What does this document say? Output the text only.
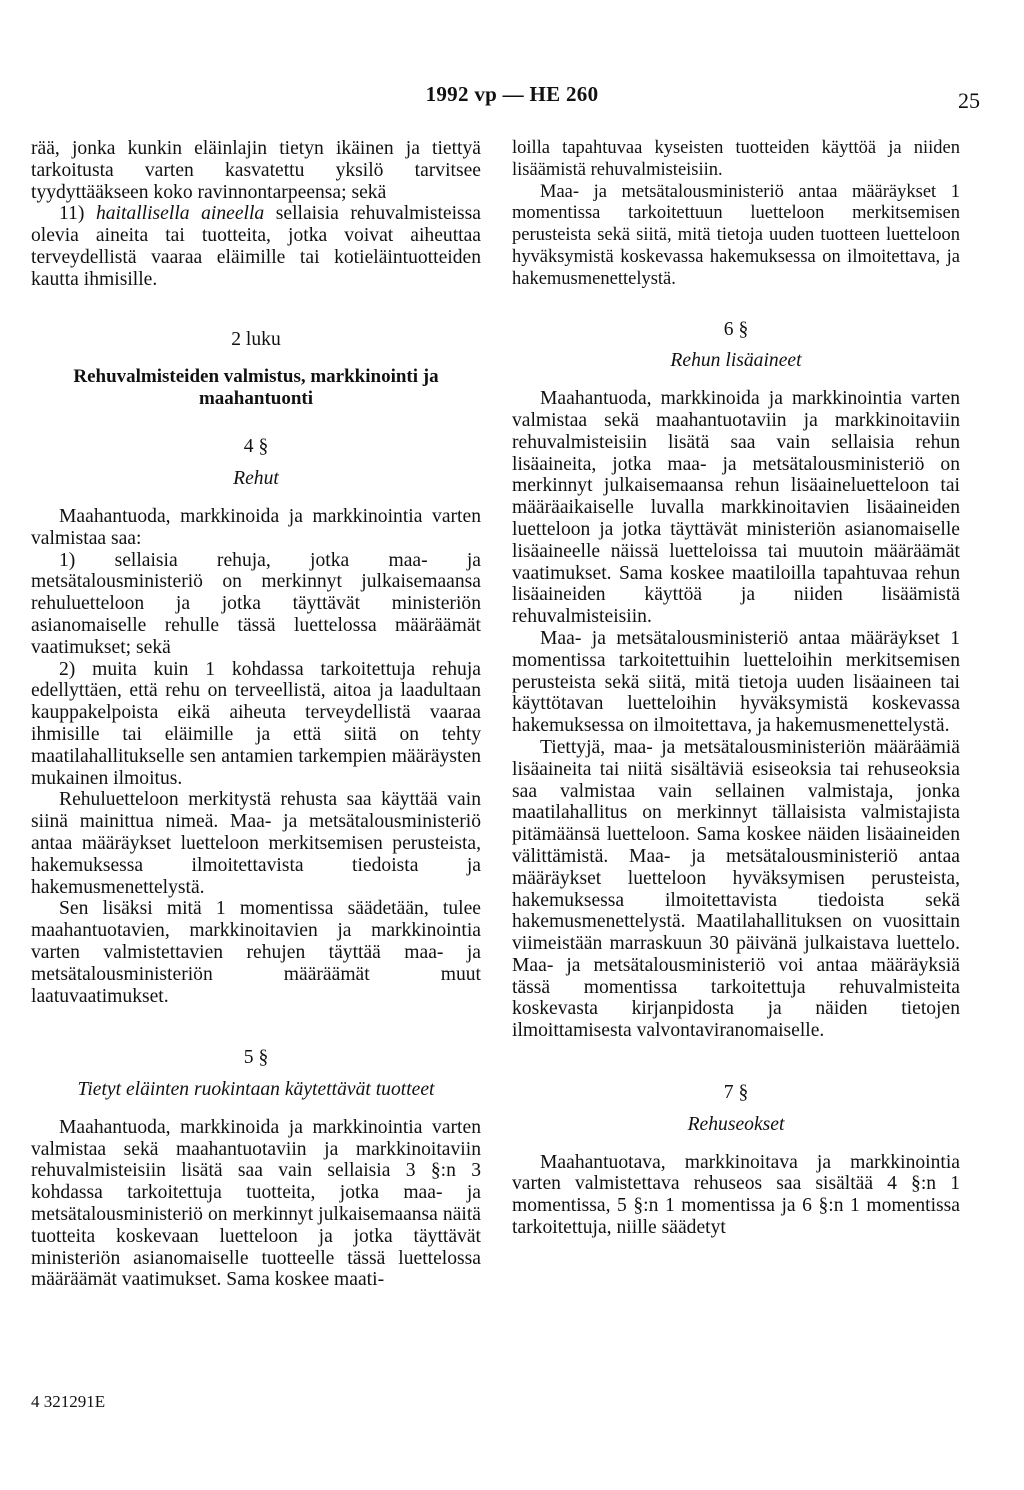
1992 vp — HE 260	25

rää, jonka kunkin eläinlajin tietyn ikäinen ja tiettyä tarkoitusta varten kasvatettu yksilö tarvitsee tyydyttääkseen koko ravinnontarpeensa; sekä

11) haitallisella aineella sellaisia rehuvalmisteissa olevia aineita tai tuotteita, jotka voivat aiheuttaa terveydellistä vaaraa eläimille tai kotieläintuotteiden kautta ihmisille.

2 luku

Rehuvalmisteiden valmistus, markkinointi ja maahantuonti

4 §

Rehut

Maahantuoda, markkinoida ja markkinointia varten valmistaa saa:

1) sellaisia rehuja, jotka maa- ja metsätalousministeriö on merkinnyt julkaisemaansa rehuluetteloon ja jotka täyttävät ministeriön asianomaiselle rehulle tässä luettelossa määräämät vaatimukset; sekä

2) muita kuin 1 kohdassa tarkoitettuja rehuja edellyttäen, että rehu on terveellistä, aitoa ja laadultaan kauppakelpoista eikä aiheuta terveydellistä vaaraa ihmisille tai eläimille ja että siitä on tehty maatilahallitukselle sen antamien tarkempien määräysten mukainen ilmoitus.

Rehuluetteloon merkitystä rehusta saa käyttää vain siinä mainittua nimeä. Maa- ja metsätalousministeriö antaa määräykset luetteloon merkitsemisen perusteista, hakemuksessa ilmoitettavista tiedoista ja hakemusmenettelystä.

Sen lisäksi mitä 1 momentissa säädetään, tulee maahantuotavien, markkinoitavien ja markkinointia varten valmistettavien rehujen täyttää maa- ja metsätalousministeriön määräämät muut laatuvaatimukset.

5 §

Tietyt eläinten ruokintaan käytettävät tuotteet

Maahantuoda, markkinoida ja markkinointia varten valmistaa sekä maahantuotaviin ja markkinoitaviin rehuvalmisteisiin lisätä saa vain sellaisia 3 §:n 3 kohdassa tarkoitettuja tuotteita, jotka maa- ja metsätalousministeriö on merkinnyt julkaisemaansa näitä tuotteita koskevaan luetteloon ja jotka täyttävät ministeriön asianomaiselle tuotteelle tässä luettelossa määräämät vaatimukset. Sama koskee maati-

loilla tapahtuvaa kyseisten tuotteiden käyttöä ja niiden lisäämistä rehuvalmisteisiin.

Maa- ja metsätalousministeriö antaa määräykset 1 momentissa tarkoitettuun luetteloon merkitsemisen perusteista sekä siitä, mitä tietoja uuden tuotteen luetteloon hyväksymistä koskevassa hakemuksessa on ilmoitettava, ja hakemusmenettelystä.

6 §

Rehun lisäaineet

Maahantuoda, markkinoida ja markkinointia varten valmistaa sekä maahantuotaviin ja markkinoitaviin rehuvalmisteisiin lisätä saa vain sellaisia rehun lisäaineita, jotka maa- ja metsätalousministeriö on merkinnyt julkaisemaansa rehun lisäaineluetteloon tai määräaikaiselle luvalla markkinoitavien lisäaineiden luetteloon ja jotka täyttävät ministeriön asianomaiselle lisäaineelle näissä luetteloissa tai muutoin määräämät vaatimukset. Sama koskee maatiloilla tapahtuvaa rehun lisäaineiden käyttöä ja niiden lisäämistä rehuvalmisteisiin.

Maa- ja metsätalousministeriö antaa määräykset 1 momentissa tarkoitettuihin luetteloihin merkitsemisen perusteista sekä siitä, mitä tietoja uuden lisäaineen tai käyttötavan luetteloihin hyväksymistä koskevassa hakemuksessa on ilmoitettava, ja hakemusmenettelystä.

Tiettyjä, maa- ja metsätalousministeriön määräämiä lisäaineita tai niitä sisältäviä esiseoksia tai rehuseoksia saa valmistaa vain sellainen valmistaja, jonka maatilahallitus on merkinnyt tällaisista valmistajista pitämäänsä luetteloon. Sama koskee näiden lisäaineiden välittämistä. Maa- ja metsätalousministeriö antaa määräykset luetteloon hyväksymisen perusteista, hakemuksessa ilmoitettavista tiedoista sekä hakemusmenettelystä. Maatilahallituksen on vuosittain viimeistään marraskuun 30 päivänä julkaistava luettelo. Maa- ja metsätalousministeriö voi antaa määräyksiä tässä momentissa tarkoitettuja rehuvalmisteita koskevasta kirjanpidosta ja näiden tietojen ilmoittamisesta valvontaviranomaiselle.

7 §

Rehuseokset

Maahantuotava, markkinoitava ja markkinointia varten valmistettava rehuseos saa sisältää 4 §:n 1 momentissa, 5 §:n 1 momentissa ja 6 §:n 1 momentissa tarkoitettuja, niille säädetyt

4 321291E
